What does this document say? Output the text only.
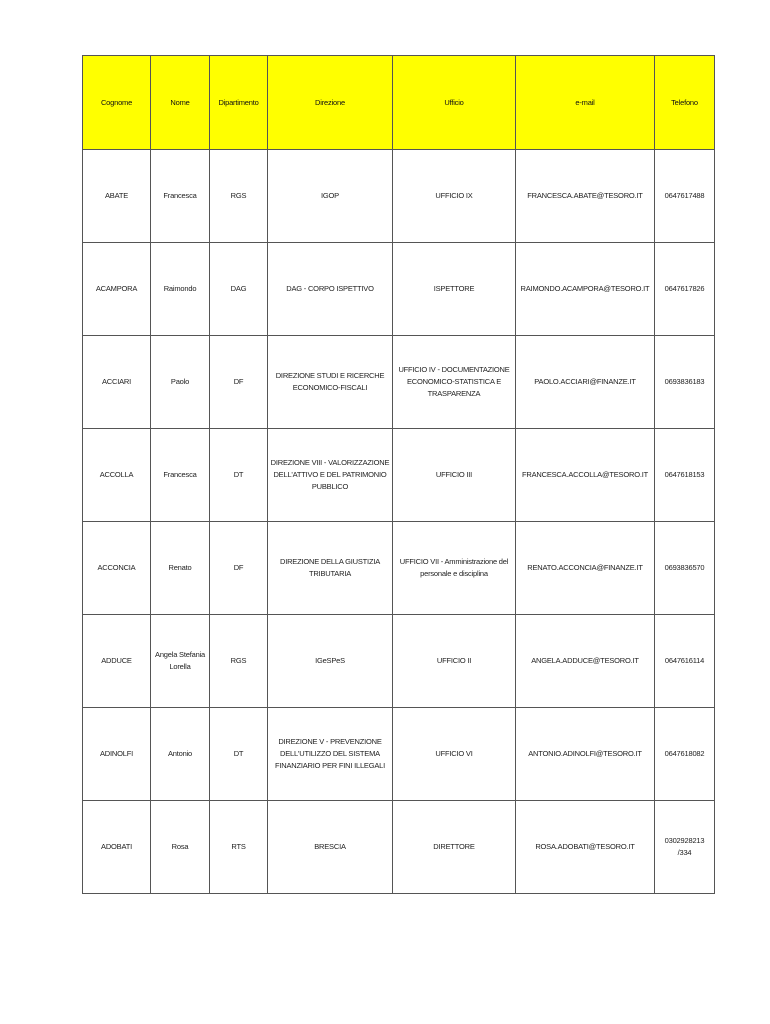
Cognome	Nome	Dipartimento	Direzione	Ufficio	e-mail	Telefono
ABATE	Francesca	RGS	IGOP	UFFICIO IX	FRANCESCA.ABATE@TESORO.IT	0647617488
ACAMPORA	Raimondo	DAG	DAG - CORPO ISPETTIVO	ISPETTORE	RAIMONDO.ACAMPORA@TESORO.IT	0647617826
ACCIARI	Paolo	DF	DIREZIONE STUDI E RICERCHE ECONOMICO-FISCALI	UFFICIO IV - DOCUMENTAZIONE ECONOMICO-STATISTICA E TRASPARENZA	PAOLO.ACCIARI@FINANZE.IT	0693836183
ACCOLLA	Francesca	DT	DIREZIONE VIII - VALORIZZAZIONE DELL'ATTIVO E DEL PATRIMONIO PUBBLICO	UFFICIO III	FRANCESCA.ACCOLLA@TESORO.IT	0647618153
ACCONCIA	Renato	DF	DIREZIONE DELLA GIUSTIZIA TRIBUTARIA	UFFICIO VII - Amministrazione del personale e disciplina	RENATO.ACCONCIA@FINANZE.IT	0693836570
ADDUCE	Angela Stefania Lorella	RGS	IGeSPeS	UFFICIO II	ANGELA.ADDUCE@TESORO.IT	0647616114
ADINOLFI	Antonio	DT	DIREZIONE V - PREVENZIONE DELL'UTILIZZO DEL SISTEMA FINANZIARIO PER FINI ILLEGALI	UFFICIO VI	ANTONIO.ADINOLFI@TESORO.IT	0647618082
ADOBATI	Rosa	RTS	BRESCIA	DIRETTORE	ROSA.ADOBATI@TESORO.IT	0302928213 /334
